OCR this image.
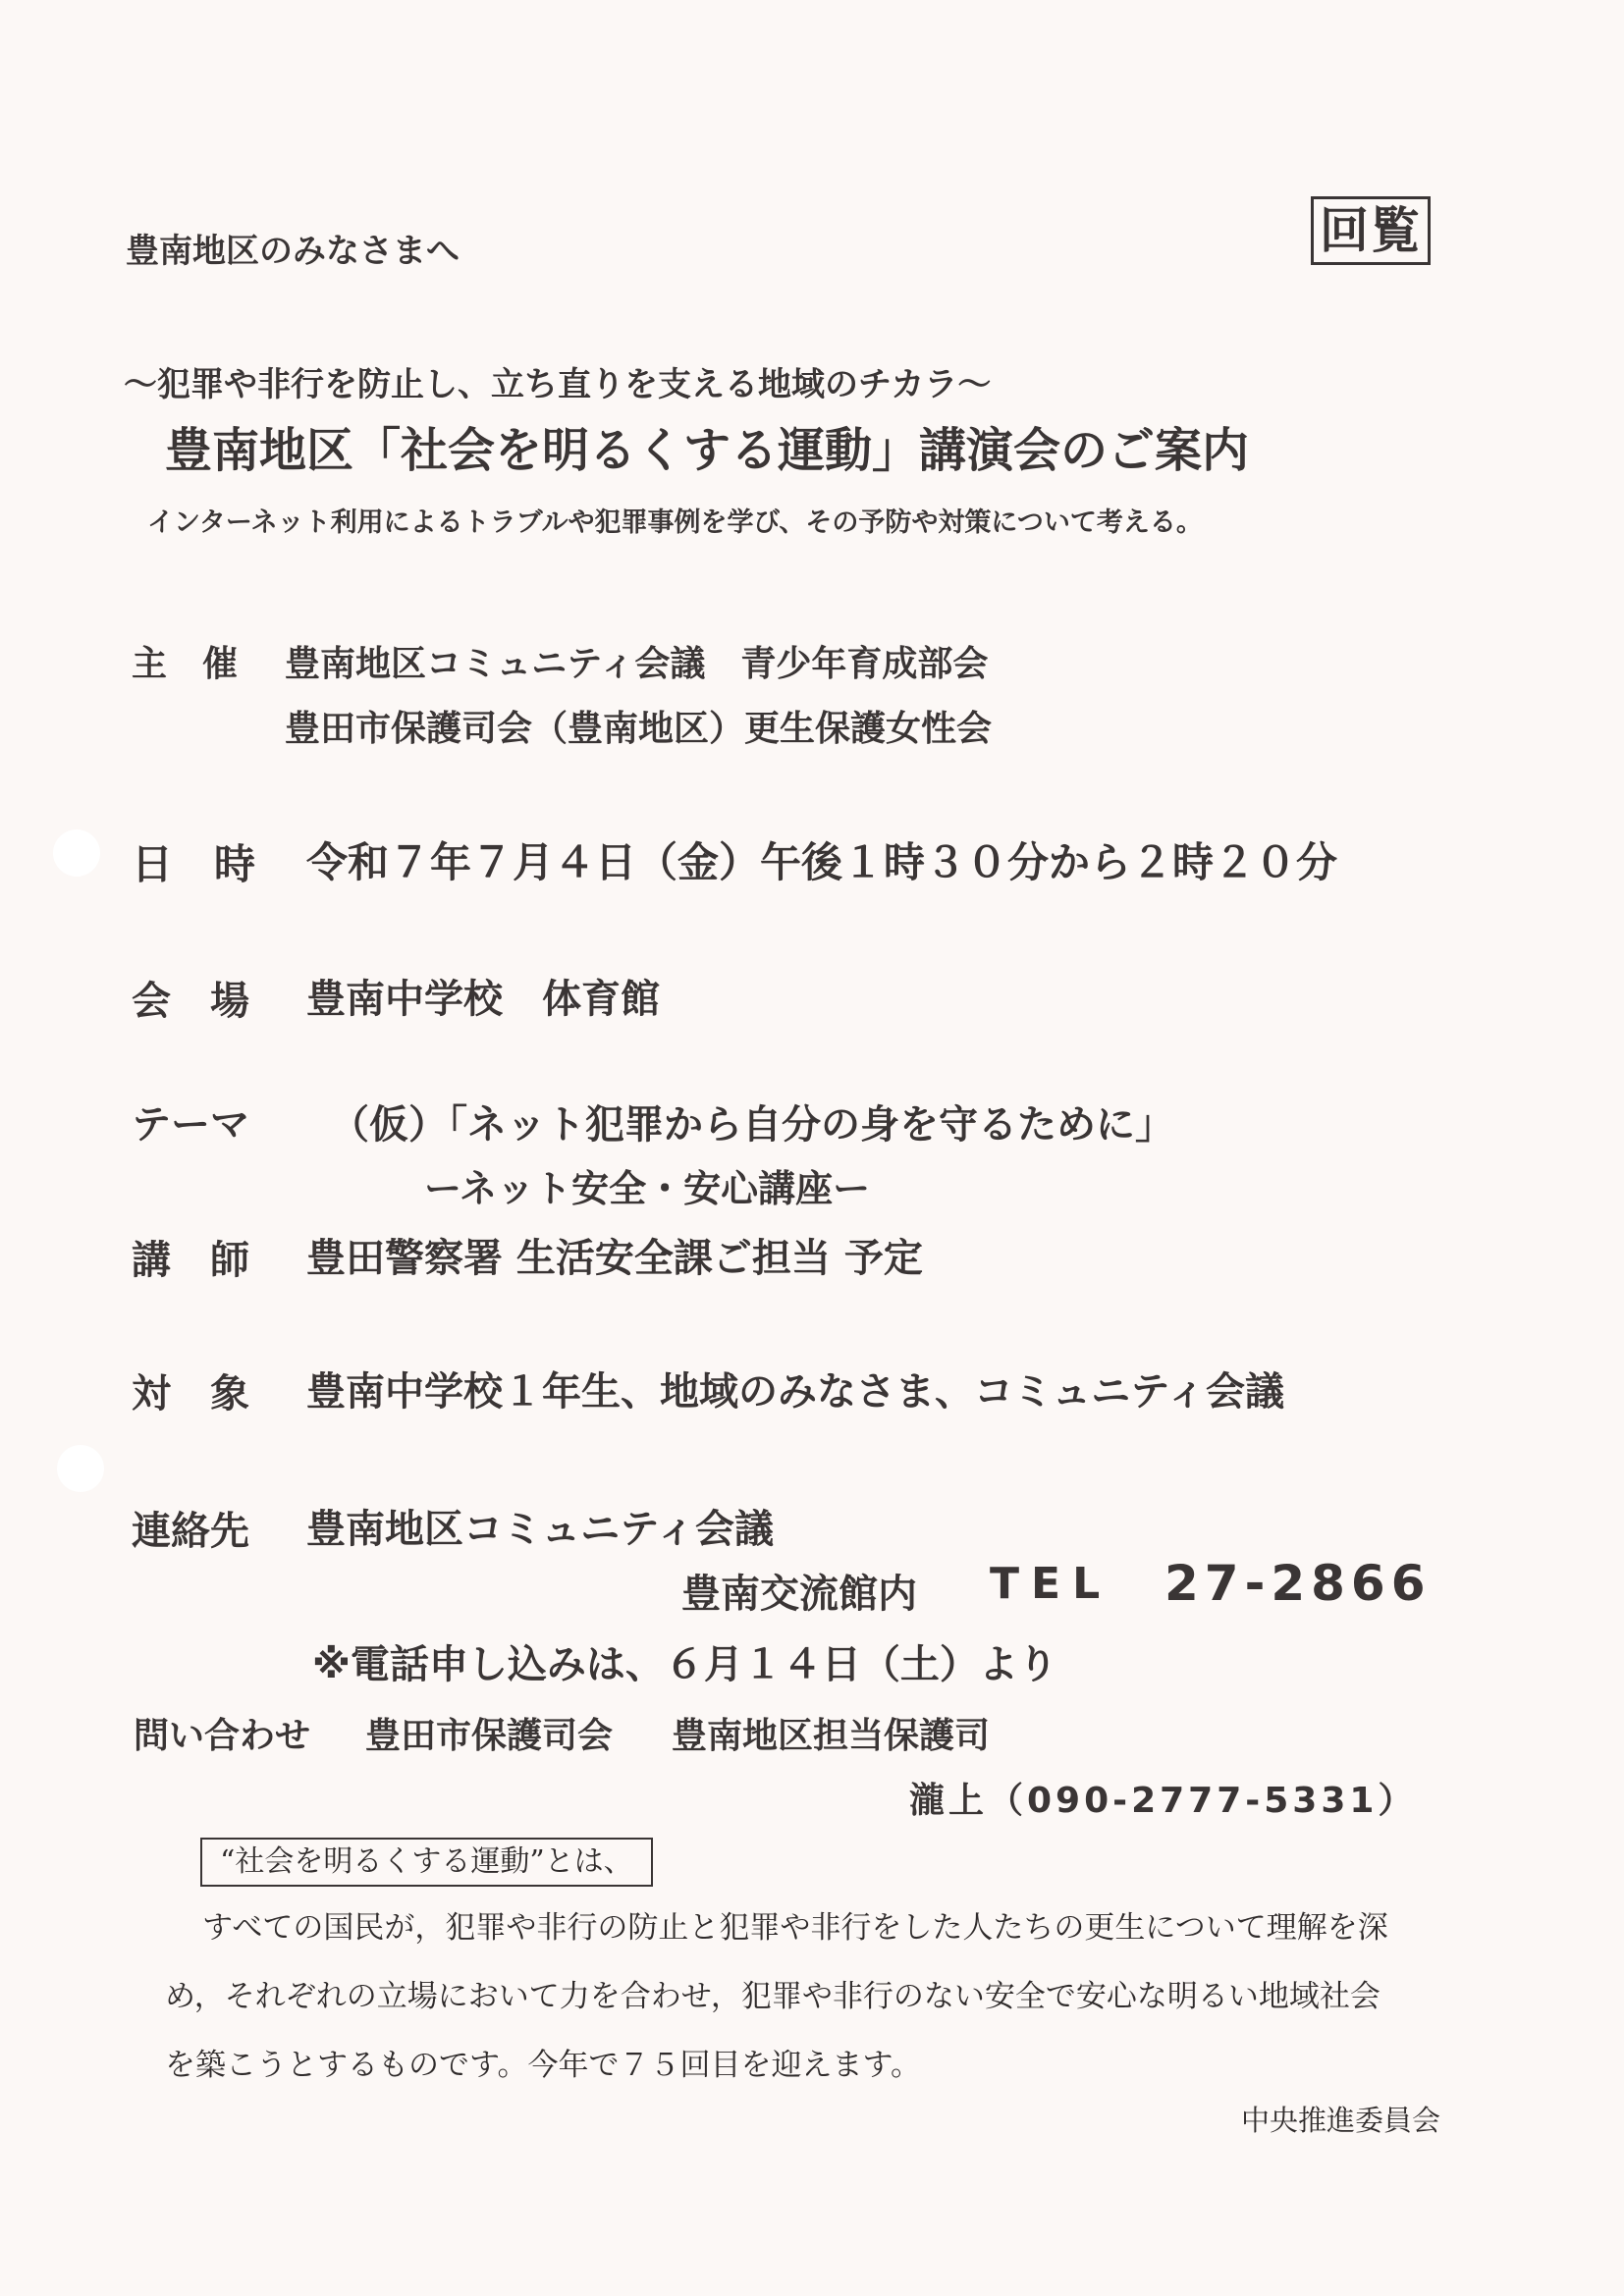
豊南地区のみなさまへ	回覧
～犯罪や非行を防止し、立ち直りを支える地域のチカラ～
豊南地区「社会を明るくする運動」講演会のご案内
インターネット利用によるトラブルや犯罪事例を学び、その予防や対策について考える。
主　催 豊南地区コミュニティ会議　青少年育成部会
豊田市保護司会（豊南地区）更生保護女性会
日　時 令和７年７月４日（金）午後１時３０分から２時２０分
会　場 豊南中学校　体育館
テーマ （仮）「ネット犯罪から自分の身を守るために」
ーネット安全・安心講座ー
講　師 豊田警察署 生活安全課ご担当 予定
対　象 豊南中学校１年生、地域のみなさま、コミュニティ会議
連絡先 豊南地区コミュニティ会議
豊南交流館内 TEL 27-2866
※電話申し込みは、６月１４日（土）より
問い合わせ 豊田市保護司会 豊南地区担当保護司
瀧上（090-2777-5331）
“社会を明るくする運動”とは、
すべての国民が，犯罪や非行の防止と犯罪や非行をした人たちの更生について理解を深
め，それぞれの立場において力を合わせ，犯罪や非行のない安全で安心な明るい地域社会
を築こうとするものです。今年で７５回目を迎えます。
中央推進委員会
